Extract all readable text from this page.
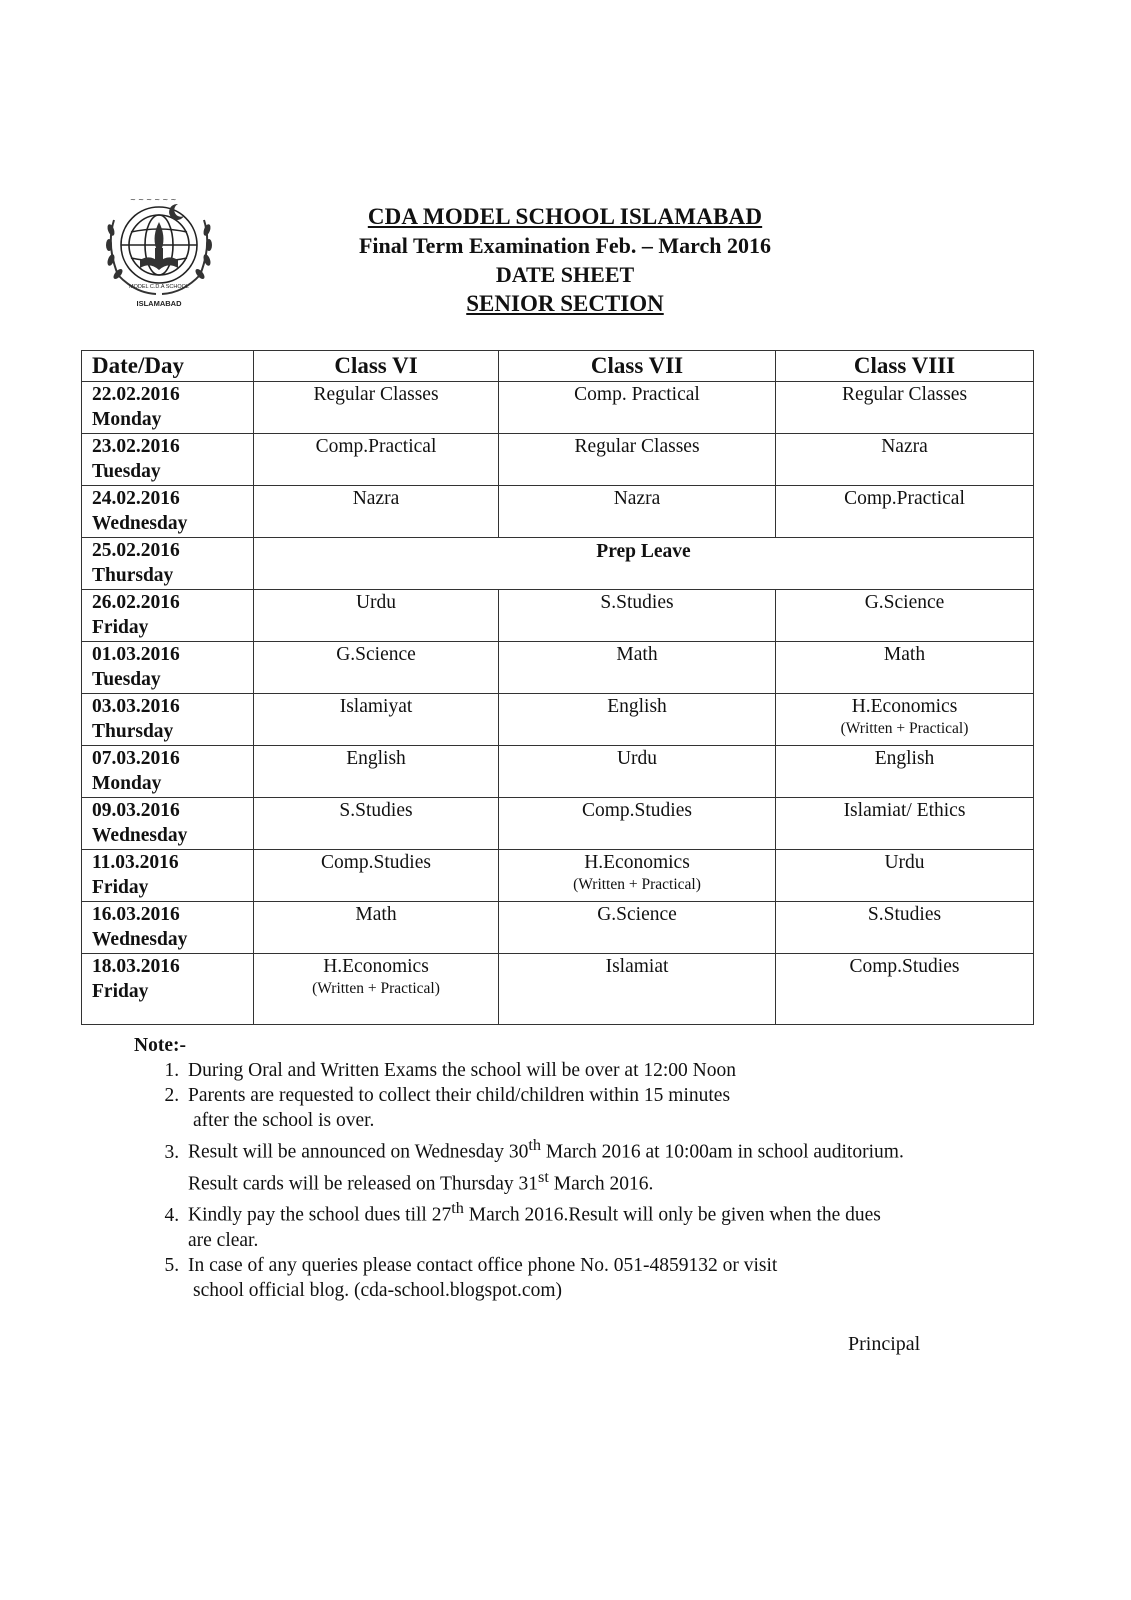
~ ~ ~ ~ ~ ~
ISLAMABAD
MODEL C.D.A SCHOOL
CDA MODEL SCHOOL ISLAMABAD
Final Term Examination Feb. – March 2016
DATE SHEET
SENIOR SECTION
Date/Day	Class VI	Class VII	Class VIII

22.02.2016
Monday	Regular Classes	Comp. Practical	Regular Classes

23.02.2016
Tuesday	Comp.Practical	Regular Classes	Nazra

24.02.2016
Wednesday	Nazra	Nazra	Comp.Practical

25.02.2016
Thursday	Prep Leave		

26.02.2016
Friday	Urdu	S.Studies	G.Science

01.03.2016
Tuesday	G.Science	Math	Math

03.03.2016
Thursday	Islamiyat	English	H.Economics
(Written + Practical)

07.03.2016
Monday	English	Urdu	English

09.03.2016
Wednesday	S.Studies	Comp.Studies	Islamiat/ Ethics

11.03.2016
Friday	Comp.Studies	H.Economics
(Written + Practical)	Urdu

16.03.2016
Wednesday	Math	G.Science	S.Studies

18.03.2016
Friday	H.Economics
(Written + Practical)	Islamiat	Comp.Studies
Note:-
1. During Oral and Written Exams the school will be over at 12:00 Noon
2. Parents are requested to collect their child/children within 15 minutes
after the school is over.
3. Result will be announced on Wednesday 30th March 2016 at 10:00am in school auditorium.
Result cards will be released on Thursday 31st March 2016.
4. Kindly pay the school dues till 27th March 2016.Result will only be given when the dues
are clear.
5. In case of any queries please contact office phone No. 051-4859132 or visit
school official blog. (cda-school.blogspot.com)
Principal
